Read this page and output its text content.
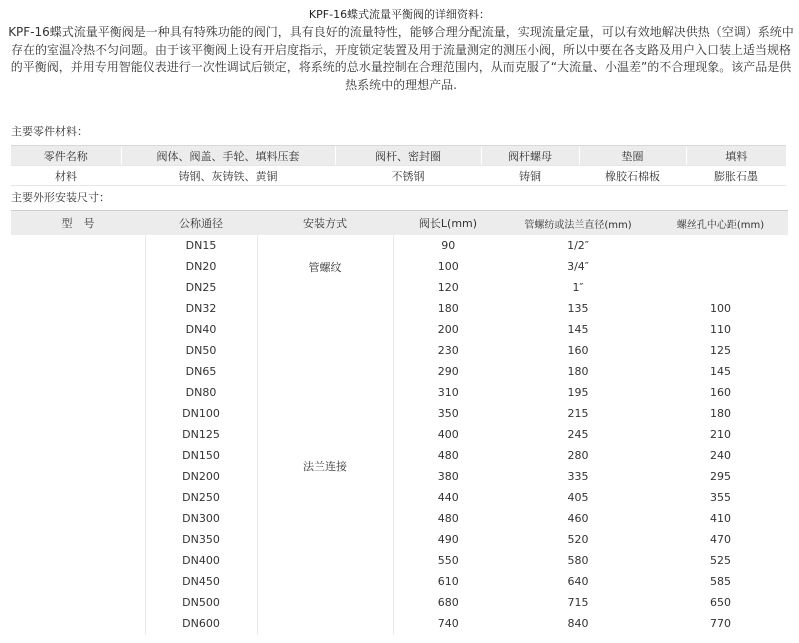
KPF-16蝶式流量平衡阀的详细资料：
KPF-16蝶式流量平衡阀是一种具有特殊功能的阀门，具有良好的流量特性，能够合理分配流量，实现流量定量，可以有效地解决供热（空调）系统中存在的室温冷热不匀问题。由于该平衡阀上设有开启度指示，开度锁定装置及用于流量测定的测压小阀，所以中要在各支路及用户入口装上适当规格的平衡阀，并用专用智能仪表进行一次性调试后锁定，将系统的总水量控制在合理范围内，从而克服了“大流量、小温差”的不合理现象。该产品是供热系统中的理想产品.
主要零件材料：
零件名称	阀体、阀盖、手轮、填料压套	阀杆、密封圈	阀杆螺母	垫圈	填料
材料	铸钢、灰铸铁、黄铜	不锈钢	铸铜	橡胶石棉板	膨胀石墨
主要外形安装尺寸：
型　号	公称通径	安装方式	阀长L(mm)	管螺纺或法兰直径(mm)	螺丝孔中心距(mm)
	DN15	管螺纹	90	1/2″	
	DN20		100	3/4″	
	DN25		120	1″	
	DN32	法兰连接	180	135	100
	DN40		200	145	110
	DN50		230	160	125
	DN65		290	180	145
	DN80		310	195	160
	DN100		350	215	180
	DN125		400	245	210
	DN150		480	280	240
	DN200		380	335	295
	DN250		440	405	355
	DN300		480	460	410
	DN350		490	520	470
	DN400		550	580	525
	DN450		610	640	585
	DN500		680	715	650
	DN600		740	840	770
